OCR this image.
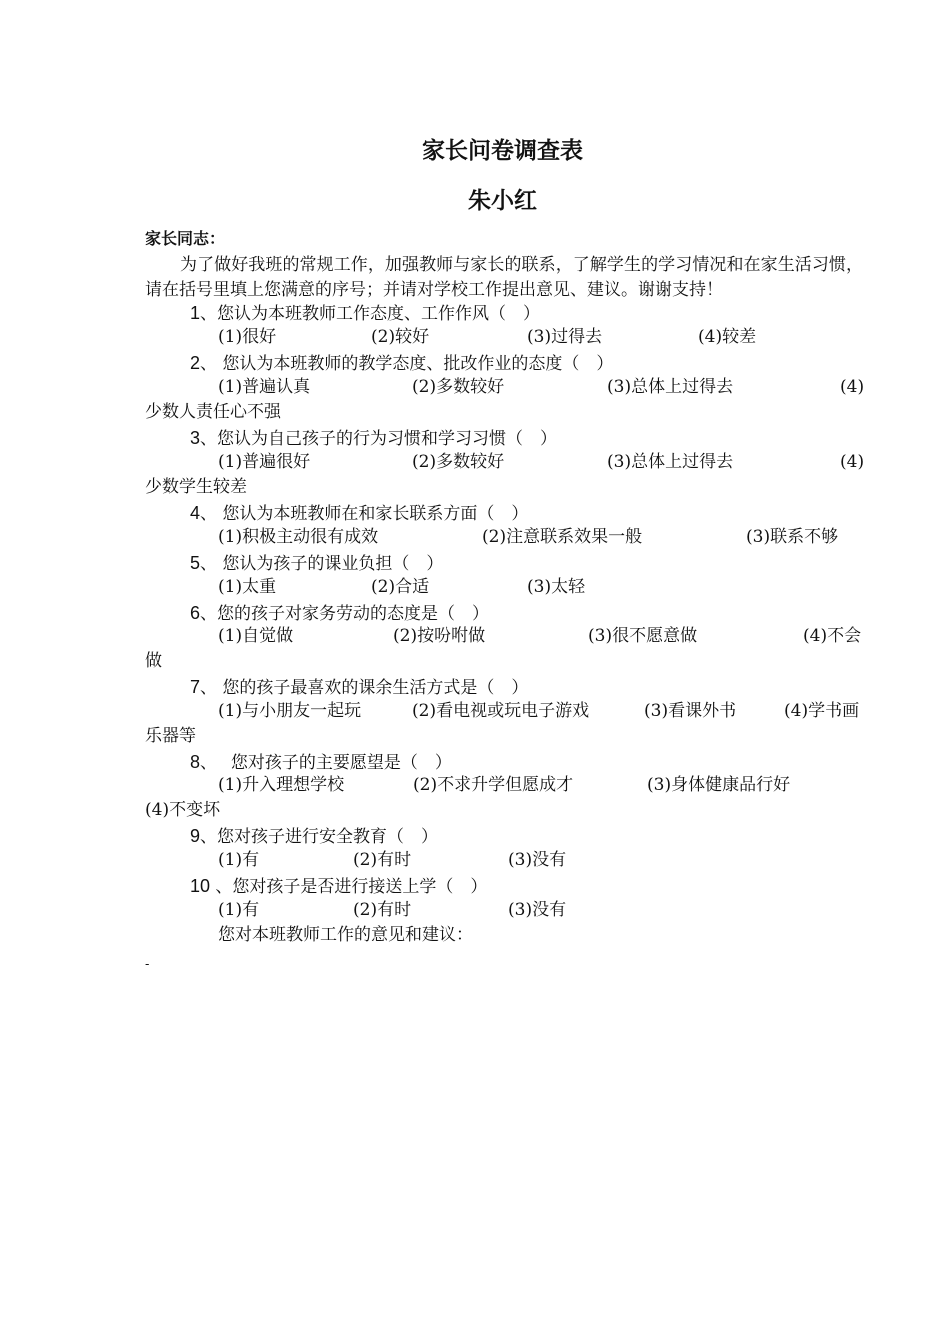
家长问卷调查表
朱小红
家长同志：
为了做好我班的常规工作，加强教师与家长的联系，了解学生的学习情况和在家生活习惯，请在括号里填上您满意的序号；并请对学校工作提出意见、建议。谢谢支持！
1、您认为本班教师工作态度、工作作风（　）
(1)很好	(2)较好	(3)过得去	(4)较差
2、 您认为本班教师的教学态度、批改作业的态度（　）
(1)普遍认真	(2)多数较好	(3)总体上过得去	(4)
少数人责任心不强
3、您认为自己孩子的行为习惯和学习习惯（　）
(1)普遍很好	(2)多数较好	(3)总体上过得去	(4)
少数学生较差
4、 您认为本班教师在和家长联系方面（　）
(1)积极主动很有成效	(2)注意联系效果一般	(3)联系不够
5、 您认为孩子的课业负担（　）
(1)太重	(2)合适	(3)太轻
6、您的孩子对家务劳动的态度是（　）
(1)自觉做	(2)按吩咐做	(3)很不愿意做	(4)不会
做
7、 您的孩子最喜欢的课余生活方式是（　）
(1)与小朋友一起玩	(2)看电视或玩电子游戏	(3)看课外书	(4)学书画
乐器等
8、　 您对孩子的主要愿望是（　）
(1)升入理想学校	(2)不求升学但愿成才	(3)身体健康品行好
(4)不变坏
9、您对孩子进行安全教育（　）
(1)有	(2)有时	(3)没有
10 、您对孩子是否进行接送上学（　）
(1)有	(2)有时	(3)没有
您对本班教师工作的意见和建议：
-
